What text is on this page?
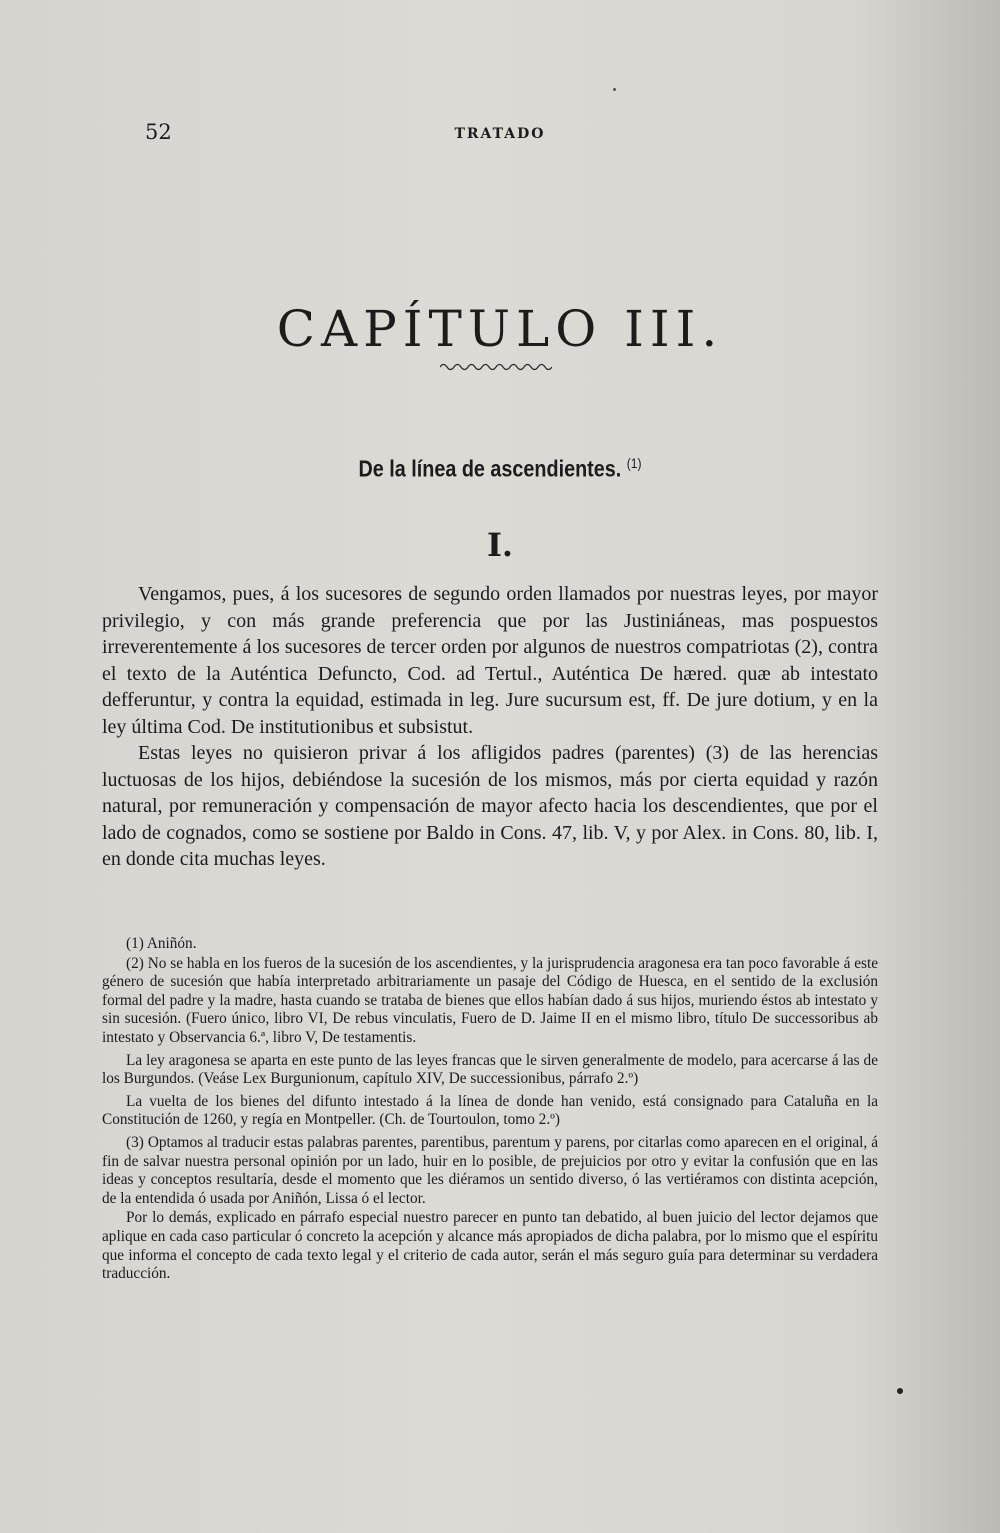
52	TRATADO
CAPÍTULO III.
De la línea de ascendientes. $^{(1)}$
I.

Vengamos, pues, á los sucesores de segundo orden llamados por nuestras leyes, por mayor privilegio, y con más grande preferencia que por las Justiniáneas, mas pospuestos irreverentemente á los sucesores de tercer orden por algunos de nuestros compatriotas (2), contra el texto de la Auténtica Defuncto, Cod. ad Tertul., Auténtica De hæred. quæ ab intestato defferuntur, y contra la equidad, estimada in leg. Jure sucursum est, ff. De jure dotium, y en la ley última Cod. De institutionibus et subsistut.

Estas leyes no quisieron privar á los afligidos padres (parentes) (3) de las herencias luctuosas de los hijos, debiéndose la sucesión de los mismos, más por cierta equidad y razón natural, por remuneración y compensación de mayor afecto hacia los descendientes, que por el lado de cognados, como se sostiene por Baldo in Cons. 47, lib. V, y por Alex. in Cons. 80, lib. I, en donde cita muchas leyes.

(1) Aniñón.

(2) No se habla en los fueros de la sucesión de los ascendientes, y la jurisprudencia aragonesa era tan poco favorable á este género de sucesión que había interpretado arbitrariamente un pasaje del Código de Huesca, en el sentido de la exclusión formal del padre y la madre, hasta cuando se trataba de bienes que ellos habían dado á sus hijos, muriendo éstos ab intestato y sin sucesión. (Fuero único, libro VI, De rebus vinculatis, Fuero de D. Jaime II en el mismo libro, título De successoribus ab intestato y Observancia 6.ª, libro V, De testamentis.

La ley aragonesa se aparta en este punto de las leyes francas que le sirven generalmente de modelo, para acercarse á las de los Burgundos. (Veáse Lex Burgunionum, capítulo XIV, De successionibus, párrafo 2.º)

La vuelta de los bienes del difunto intestado á la línea de donde han venido, está consignado para Cataluña en la Constitución de 1260, y regía en Montpeller. (Ch. de Tourtoulon, tomo 2.º)

(3) Optamos al traducir estas palabras parentes, parentibus, parentum y parens, por citarlas como aparecen en el original, á fin de salvar nuestra personal opinión por un lado, huir en lo posible, de prejuicios por otro y evitar la confusión que en las ideas y conceptos resultaría, desde el momento que les diéramos un sentido diverso, ó las vertiéramos con distinta acepción, de la entendida ó usada por Aniñón, Lissa ó el lector.

Por lo demás, explicado en párrafo especial nuestro parecer en punto tan debatido, al buen juicio del lector dejamos que aplique en cada caso particular ó concreto la acepción y alcance más apropiados de dicha palabra, por lo mismo que el espíritu que informa el concepto de cada texto legal y el criterio de cada autor, serán el más seguro guía para determinar su verdadera traducción.
